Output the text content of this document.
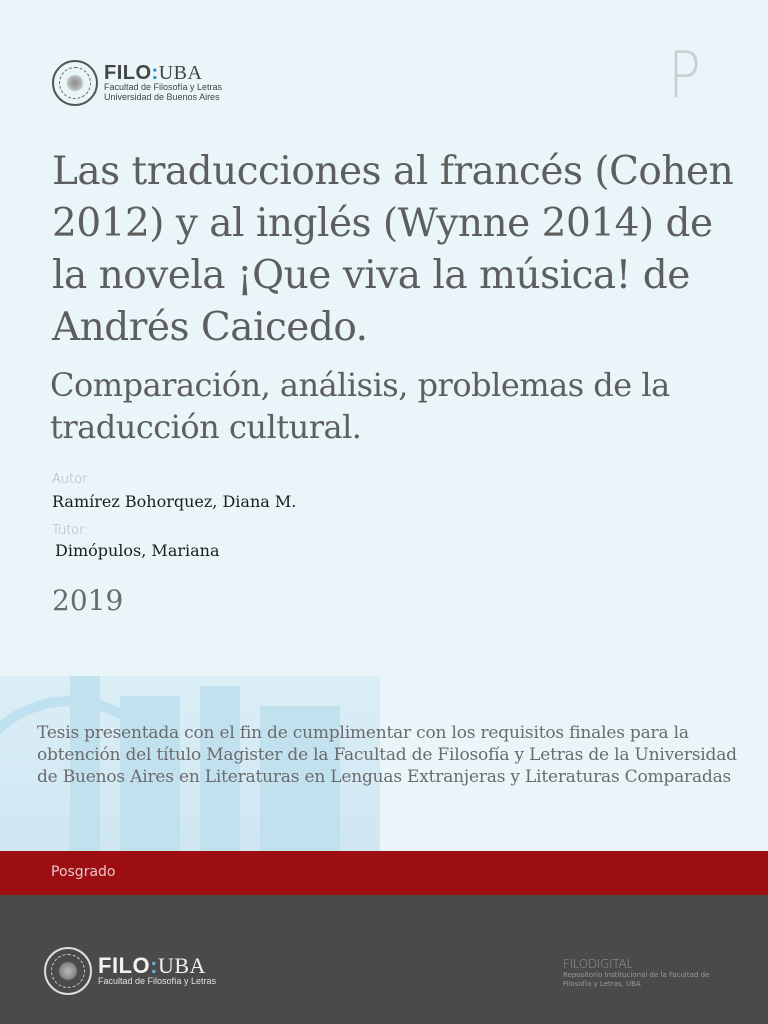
FILO:UBA
Facultad de Filosofía y Letras
Universidad de Buenos Aires	P
Las traducciones al francés (Cohen 2012) y al inglés (Wynne 2014) de la novela ¡Que viva la música! de Andrés Caicedo.
Comparación, análisis, problemas de la traducción cultural.
Autor:
Ramírez Bohorquez, Diana M.
Tutor:
Dimópulos, Mariana
2019

Tesis presentada con el fin de cumplimentar con los requisitos finales para la obtención del título Magister de la Facultad de Filosofía y Letras de la Universidad de Buenos Aires en Literaturas en Lenguas Extranjeras y Literaturas Comparadas

Posgrado
FILO:UBA
Facultad de Filosofía y Letras
FILODIGITAL
Repositorio Institucional de la Facultad de Filosofía y Letras, UBA
